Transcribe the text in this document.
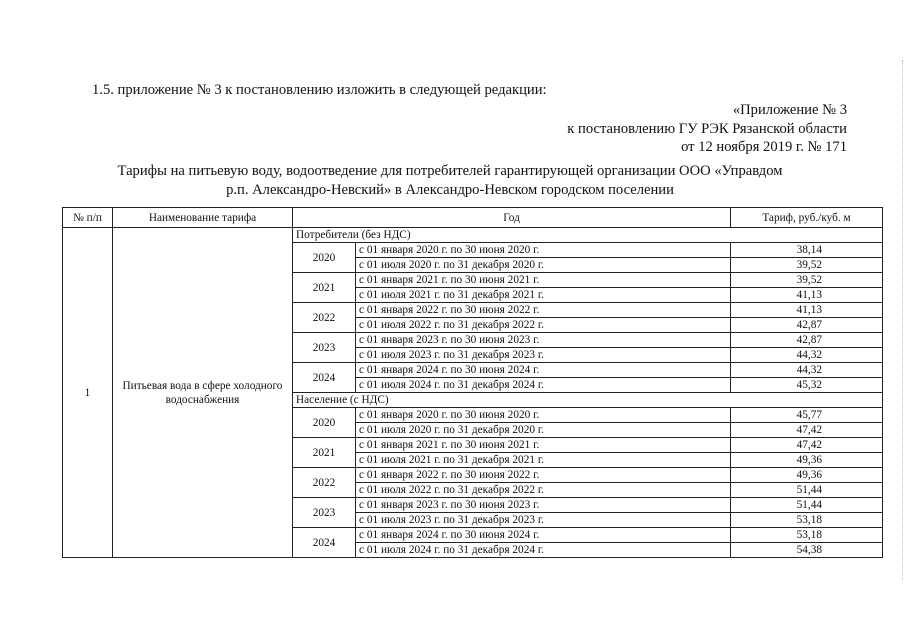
1.5. приложение № 3 к постановлению изложить в следующей редакции:
«Приложение № 3
к постановлению ГУ РЭК Рязанской области
от 12 ноября 2019 г. № 171
Тарифы на питьевую воду, водоотведение для потребителей гарантирующей организации ООО «Управдом
р.п. Александро-Невский» в Александро-Невском городском поселении
№ п/п	Наименование тарифа	Год		Тариф, руб./куб. м
1	Питьевая вода в сфере холодного водоснабжения	Потребители (без НДС)		
		2020	с 01 января 2020 г. по 30 июня 2020 г.	38,14
			с 01 июля 2020 г. по 31 декабря 2020 г.	39,52
		2021	с 01 января 2021 г. по 30 июня 2021 г.	39,52
			с 01 июля 2021 г. по 31 декабря 2021 г.	41,13
		2022	с 01 января 2022 г. по 30 июня 2022 г.	41,13
			с 01 июля 2022 г. по 31 декабря 2022 г.	42,87
		2023	с 01 января 2023 г. по 30 июня 2023 г.	42,87
			с 01 июля 2023 г. по 31 декабря 2023 г.	44,32
		2024	с 01 января 2024 г. по 30 июня 2024 г.	44,32
			с 01 июля 2024 г. по 31 декабря 2024 г.	45,32
		Население (с НДС)		
		2020	с 01 января 2020 г. по 30 июня 2020 г.	45,77
			с 01 июля 2020 г. по 31 декабря 2020 г.	47,42
		2021	с 01 января 2021 г. по 30 июня 2021 г.	47,42
			с 01 июля 2021 г. по 31 декабря 2021 г.	49,36
		2022	с 01 января 2022 г. по 30 июня 2022 г.	49,36
			с 01 июля 2022 г. по 31 декабря 2022 г.	51,44
		2023	с 01 января 2023 г. по 30 июня 2023 г.	51,44
			с 01 июля 2023 г. по 31 декабря 2023 г.	53,18
		2024	с 01 января 2024 г. по 30 июня 2024 г.	53,18
			с 01 июля 2024 г. по 31 декабря 2024 г.	54,38
